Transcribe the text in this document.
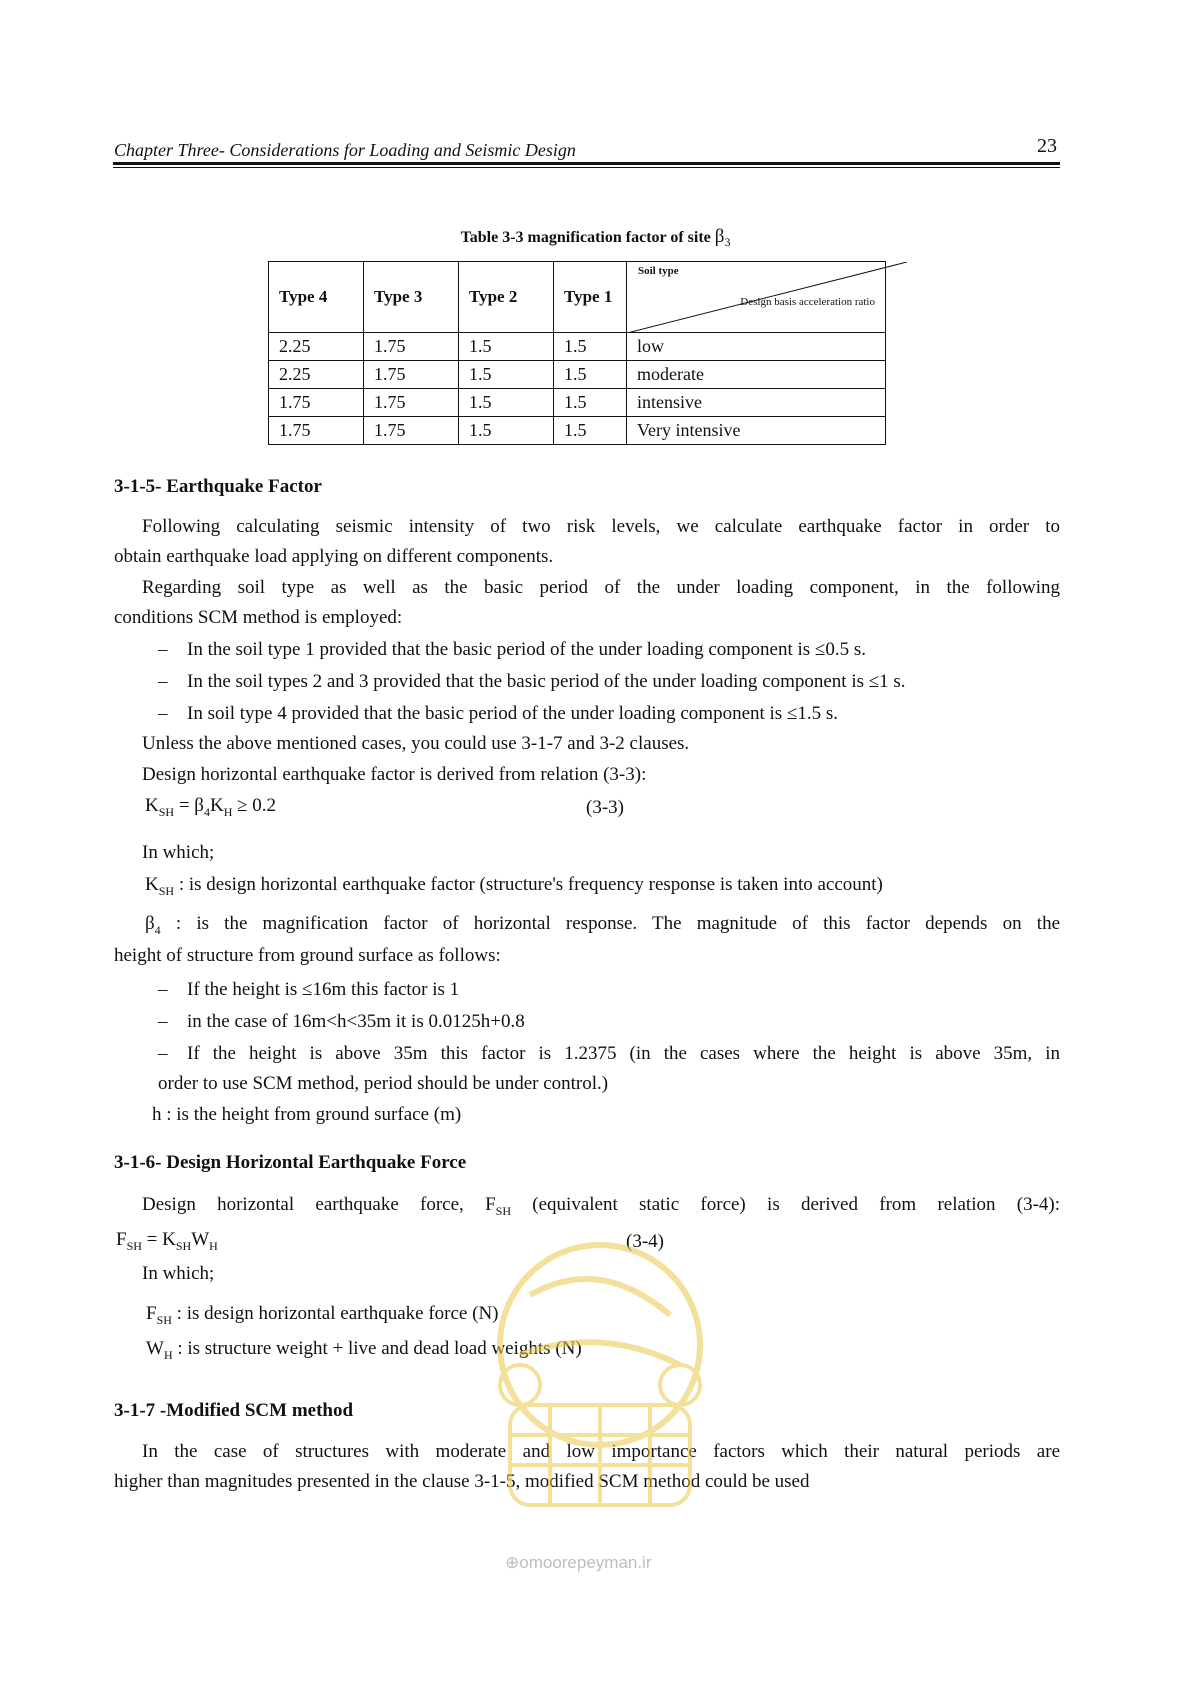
Chapter Three- Considerations for Loading and Seismic Design	23
Table 3-3 magnification factor of site $\beta_3$
Type 4	Type 3	Type 2	Type 1	Soil type
Design basis acceleration ratio

2.25	1.75	1.5	1.5	low
2.25	1.75	1.5	1.5	moderate
1.75	1.75	1.5	1.5	intensive
1.75	1.75	1.5	1.5	Very intensive
3-1-5- Earthquake Factor
Following calculating seismic intensity of two risk levels, we calculate earthquake factor in order to
obtain earthquake load applying on different components.
Regarding soil type as well as the basic period of the under loading component, in the following
conditions SCM method is employed:
– In the soil type 1 provided that the basic period of the under loading component is ≤0.5 s.
– In the soil types 2 and 3 provided that the basic period of the under loading component is ≤1 s.
– In soil type 4 provided that the basic period of the under loading component is ≤1.5 s.
Unless the above mentioned cases, you could use 3-1-7 and 3-2 clauses.
Design horizontal earthquake factor is derived from relation (3-3):
$K_{SH} = \beta_4K_H \ge 0.2$	(3-3)
In which;
$K_{SH}$ : is design horizontal earthquake factor (structure's frequency response is taken into account)
$\beta_4$ : is the magnification factor of horizontal response. The magnitude of this factor depends on the
height of structure from ground surface as follows:
– If the height is ≤16m this factor is 1
– in the case of 16m<h<35m it is 0.0125h+0.8
– If the height is above 35m this factor is 1.2375 (in the cases where the height is above 35m, in
order to use SCM method, period should be under control.)
h : is the height from ground surface (m)
3-1-6- Design Horizontal Earthquake Force
Design horizontal earthquake force, $F_{SH}$ (equivalent static force) is derived from relation (3-4):
$F_{SH} = K_{SH}W_H$	(3-4)
In which;
$F_{SH}$ : is design horizontal earthquake force (N)
$W_H$ : is structure weight + live and dead load weights (N)
3-1-7 -Modified SCM method
In the case of structures with moderate and low importance factors which their natural periods are
higher than magnitudes presented in the clause 3-1-5, modified SCM method could be used
⊕omoorepeyman.ir
